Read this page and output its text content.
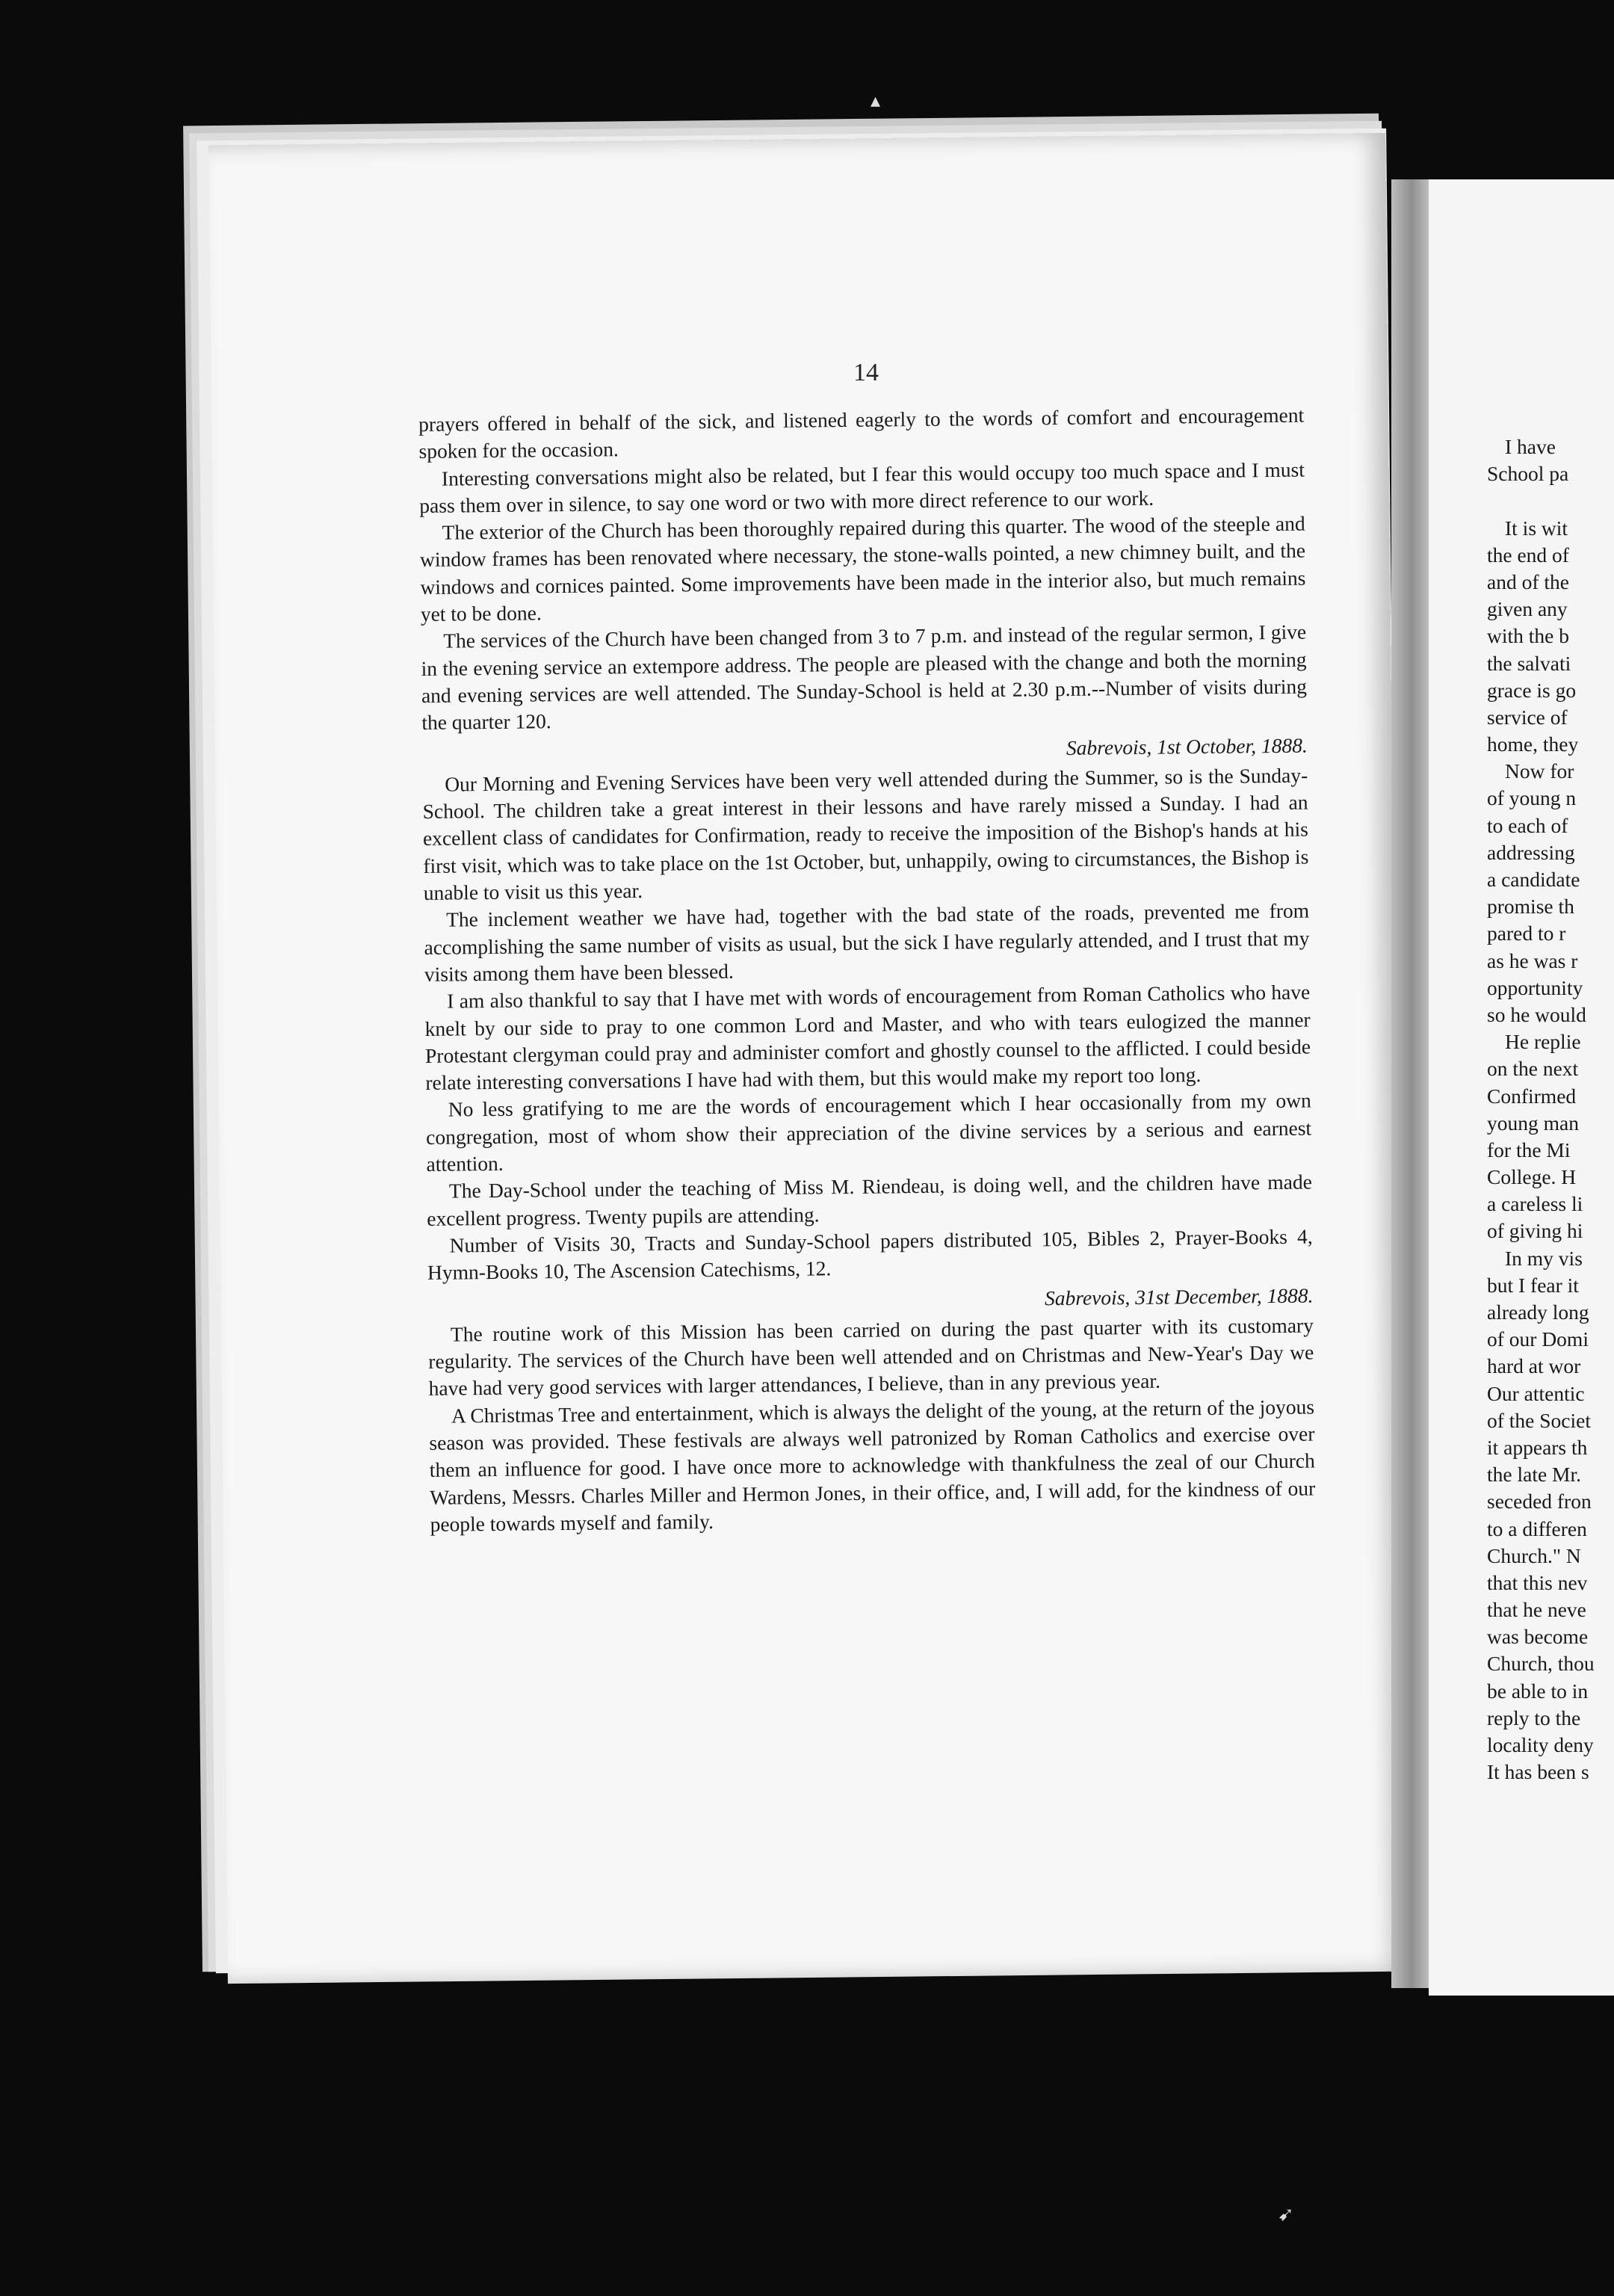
14

prayers offered in behalf of the sick, and listened eagerly to the words of comfort and encouragement spoken for the occasion.

Interesting conversations might also be related, but I fear this would occupy too much space and I must pass them over in silence, to say one word or two with more direct reference to our work.

The exterior of the Church has been thoroughly repaired during this quarter. The wood of the steeple and window frames has been renovated where necessary, the stone-walls pointed, a new chimney built, and the windows and cornices painted. Some improvements have been made in the interior also, but much remains yet to be done.

The services of the Church have been changed from 3 to 7 p.m. and instead of the regular sermon, I give in the evening service an extempore address. The people are pleased with the change and both the morning and evening services are well attended. The Sunday-School is held at 2.30 p.m.--Number of visits during the quarter 120.

Sabrevois, 1st October, 1888.

Our Morning and Evening Services have been very well attended during the Summer, so is the Sunday-School. The children take a great interest in their lessons and have rarely missed a Sunday. I had an excellent class of candidates for Confirmation, ready to receive the imposition of the Bishop's hands at his first visit, which was to take place on the 1st October, but, unhappily, owing to circumstances, the Bishop is unable to visit us this year.

The inclement weather we have had, together with the bad state of the roads, prevented me from accomplishing the same number of visits as usual, but the sick I have regularly attended, and I trust that my visits among them have been blessed.

I am also thankful to say that I have met with words of encouragement from Roman Catholics who have knelt by our side to pray to one common Lord and Master, and who with tears eulogized the manner Protestant clergyman could pray and administer comfort and ghostly counsel to the afflicted. I could beside relate interesting conversations I have had with them, but this would make my report too long.

No less gratifying to me are the words of encouragement which I hear occasionally from my own congregation, most of whom show their appreciation of the divine services by a serious and earnest attention.

The Day-School under the teaching of Miss M. Riendeau, is doing well, and the children have made excellent progress. Twenty pupils are attending.

Number of Visits 30, Tracts and Sunday-School papers distributed 105, Bibles 2, Prayer-Books 4, Hymn-Books 10, The Ascension Catechisms, 12.

Sabrevois, 31st December, 1888.

The routine work of this Mission has been carried on during the past quarter with its customary regularity. The services of the Church have been well attended and on Christmas and New-Year's Day we have had very good services with larger attendances, I believe, than in any previous year.

A Christmas Tree and entertainment, which is always the delight of the young, at the return of the joyous season was provided. These festivals are always well patronized by Roman Catholics and exercise over them an influence for good. I have once more to acknowledge with thankfulness the zeal of our Church Wardens, Messrs. Charles Miller and Hermon Jones, in their office, and, I will add, for the kindness of our people towards myself and family.

I have
School pa
It is wit
the end of
and of the
given any
with the b
the salvati
grace is go
service of
home, they
Now for
of young n
to each of
addressing
a candidate
promise th
pared to r
as he was r
opportunity
so he would
He replie
on the next
Confirmed
young man
for the Mi
College. H
a careless li
of giving hi
In my vis
but I fear it
already long
of our Domi
hard at wor
Our attentic
of the Societ
it appears th
the late Mr.
seceded fron
to a differen
Church." N
that this nev
that he neve
was become
Church, thou
be able to in
reply to the
locality deny
It has been s
▴
➹
